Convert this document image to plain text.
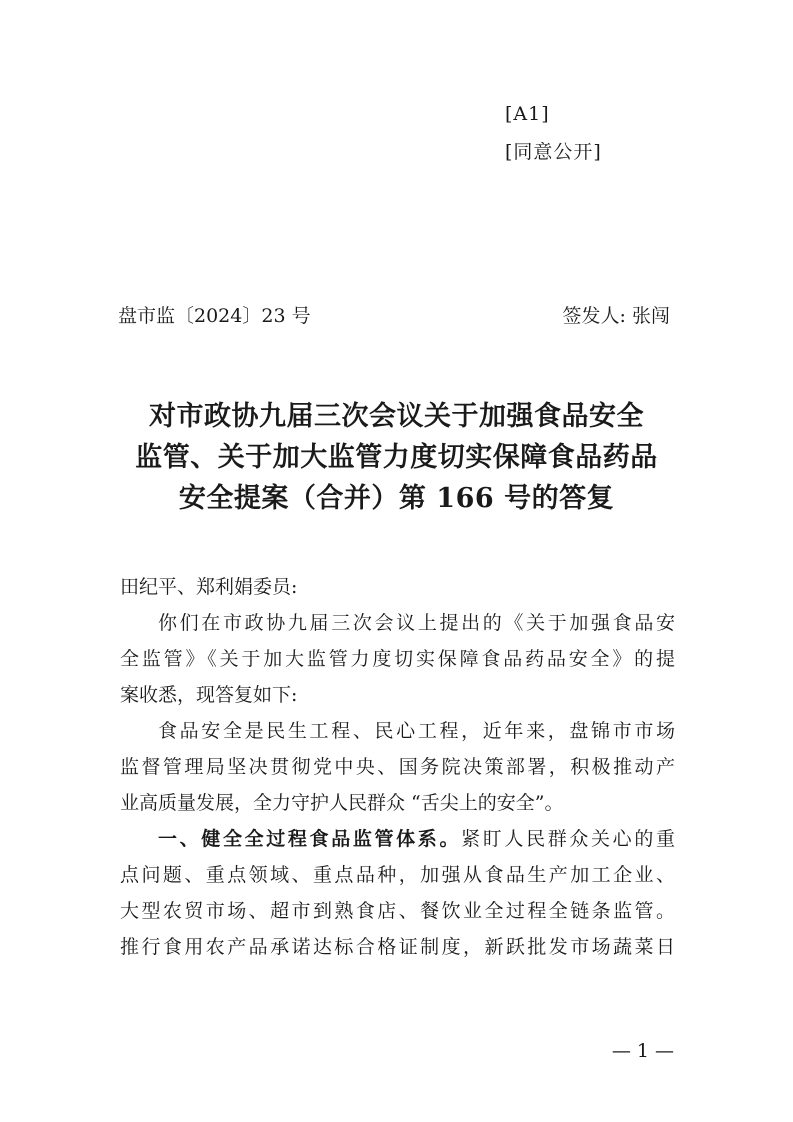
[A1]
[同意公开]
盘市监〔2024〕23 号	签发人: 张闯
对市政协九届三次会议关于加强食品安全
监管、关于加大监管力度切实保障食品药品
安全提案（合并）第 166 号的答复
田纪平、郑利娟委员:
你们在市政协九届三次会议上提出的《关于加强食品安
全监管》《关于加大监管力度切实保障食品药品安全》的提
案收悉，现答复如下:
食品安全是民生工程、民心工程，近年来，盘锦市市场
监督管理局坚决贯彻党中央、国务院决策部署，积极推动产
业高质量发展，全力守护人民群众 “舌尖上的安全”。
一、健全全过程食品监管体系。紧盯人民群众关心的重
点问题、重点领域、重点品种，加强从食品生产加工企业、
大型农贸市场、超市到熟食店、餐饮业全过程全链条监管。
推行食用农产品承诺达标合格证制度，新跃批发市场蔬菜日
— 1 —
